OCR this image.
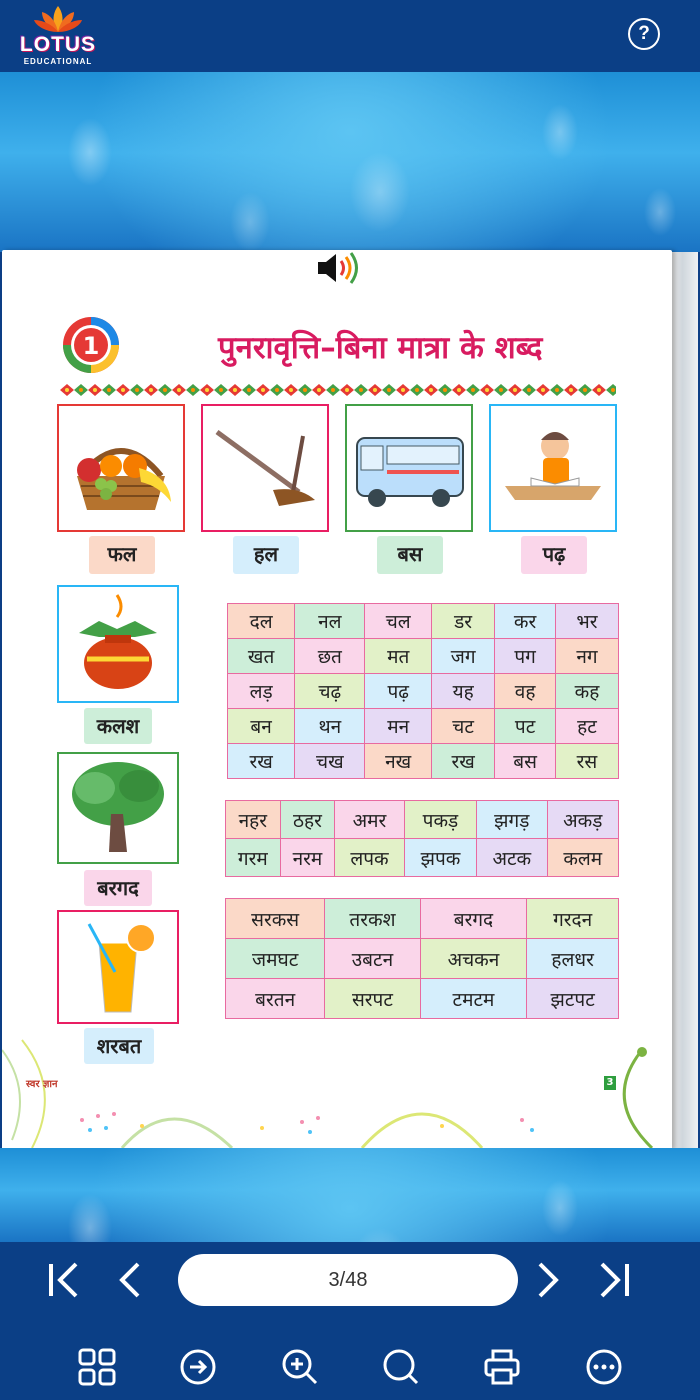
LOTUS
EDUCATIONAL
?
1	पुनरावृत्ति–बिना मात्रा के शब्द
फल	हल	बस	पढ़
कलश
बरगद
शरबत
दल	नल	चल	डर	कर	भर
खत	छत	मत	जग	पग	नग
लड़	चढ़	पढ़	यह	वह	कह
बन	थन	मन	चट	पट	हट
रख	चख	नख	रख	बस	रस
नहर	ठहर	अमर	पकड़	झगड़	अकड़
गरम	नरम	लपक	झपक	अटक	कलम
सरकस	तरकश	बरगद	गरदन
जमघट	उबटन	अचकन	हलधर
बरतन	सरपट	टमटम	झटपट
स्वर ज्ञान	3
3/48
